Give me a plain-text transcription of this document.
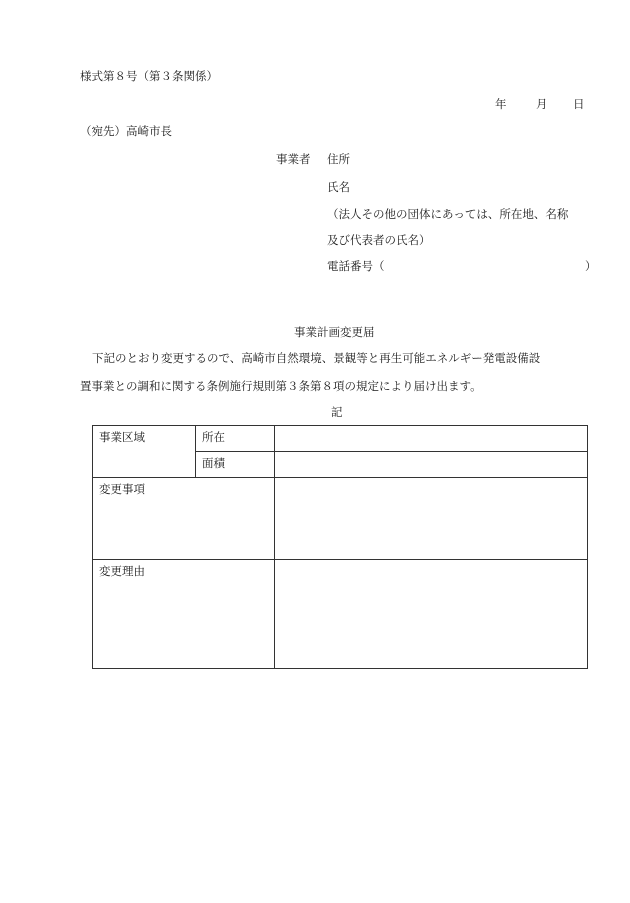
様式第８号（第３条関係）
年	月 日
（宛先）高崎市長
事業者 住所
氏名
（法人その他の団体にあっては、所在地、名称
及び代表者の氏名）
電話番号（	）
事業計画変更届
下記のとおり変更するので、高崎市自然環境、景観等と再生可能エネルギー発電設備設
置事業との調和に関する条例施行規則第３条第８項の規定により届け出ます。
記
事業区域	所在	
	面積	
変更事項		
変更理由		
